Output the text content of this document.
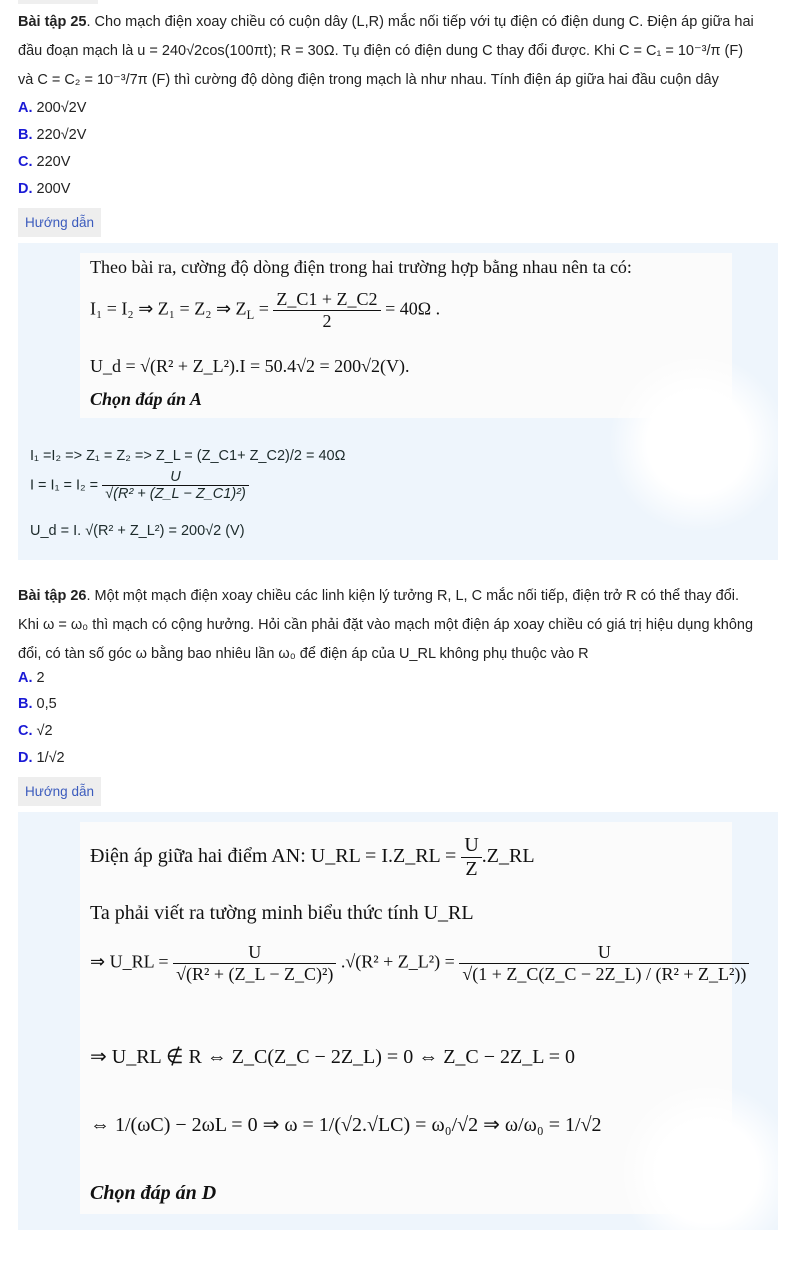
Bài tập 25. Cho mạch điện xoay chiều có cuộn dây (L,R) mắc nối tiếp với tụ điện có điện dung C. Điện áp giữa hai
đầu đoạn mạch là u = 240√2cos(100πt); R = 30Ω. Tụ điện có điện dung C thay đổi được. Khi C = C₁ = 10⁻³/π (F)
và C = C₂ = 10⁻³/7π (F) thì cường độ dòng điện trong mạch là như nhau. Tính điện áp giữa hai đầu cuộn dây
A. 200√2V
B. 220√2V
C. 220V
D. 200V
Hướng dẫn
Theo bài ra, cường độ dòng điện trong hai trường hợp bằng nhau nên ta có:
I₁ = I₂ ⇒ Z₁ = Z₂ ⇒ $Z_L = \frac{Z\_C1 + Z\_C2}{2} = 40\Omega$ .
U_d = √(R² + Z_L²).I = 50.4√2 = 200√2(V).
Chọn đáp án A
I₁ =I₂ => Z₁ = Z₂ => Z_L = (Z_C1+ Z_C2)/2 = 40Ω
$I = I_1 = I_2 = \frac{U}{\text{√(R² + (Z\_L − Z\_C1)²)}}$
U_d = I. √(R² + Z_L²) = 200√2 (V)
Bài tập 26. Một một mạch điện xoay chiều các linh kiện lý tưởng R, L, C mắc nối tiếp, điện trở R có thể thay đổi.
Khi ω = ω₀ thì mạch có cộng hưởng. Hỏi cần phải đặt vào mạch một điện áp xoay chiều có giá trị hiệu dụng không
đổi, có tàn số góc ω bằng bao nhiêu lần ω₀ để điện áp của U_RL không phụ thuộc vào R
A. 2
B. 0,5
C. √2
D. 1/√2
Hướng dẫn
Điện áp giữa hai điểm AN: U_RL = I.Z_RL = $\frac{U}{Z}$ .Z_RL
Ta phải viết ra tường minh biểu thức tính U_RL
⇒ U_RL = $\frac{U}{\text{√(R² + (Z\_L − Z\_C)²)}} .√(R^2$ + Z_L²) = $\frac{U}{\text{√(1 + Z\_C(Z\_C − 2Z\_L) / (R² + Z\_L²))}}$
⇒ U_RL ∉ R ⇔ Z_C(Z_C − 2Z_L) = 0 ⇔ Z_C − 2Z_L = 0
⇔ 1/(ωC) − 2ωL = 0 ⇒ ω = 1/(√2.√LC) = ω₀/√2 ⇒ ω/ω₀ = 1/√2
Chọn đáp án D
